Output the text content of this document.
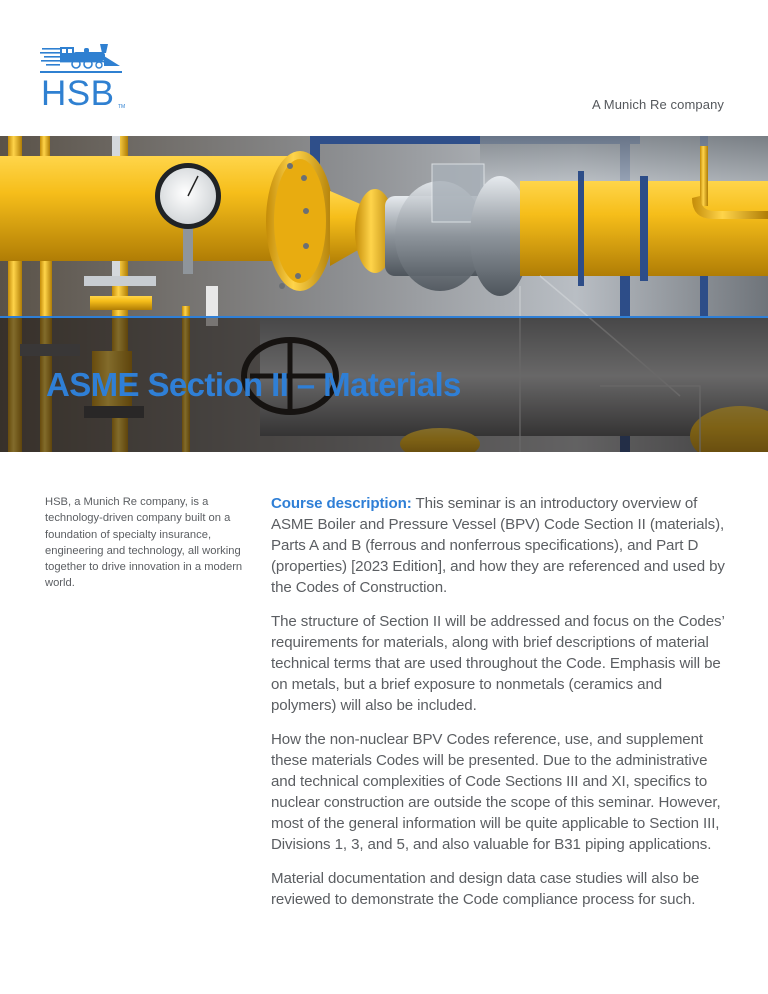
HSB TM	A Munich Re company
ASME Section II – Materials
HSB, a Munich Re company, is a technology-driven company built on a foundation of specialty insurance, engineering and technology, all working together to drive innovation in a modern world.

Course description: This seminar is an introductory overview of ASME Boiler and Pressure Vessel (BPV) Code Section II (materials), Parts A and B (ferrous and nonferrous specifications), and Part D (properties) [2023 Edition], and how they are referenced and used by the Codes of Construction.

The structure of Section II will be addressed and focus on the Codes’ requirements for materials, along with brief descriptions of material technical terms that are used throughout the Code. Emphasis will be on metals, but a brief exposure to nonmetals (ceramics and polymers) will also be included.

How the non-nuclear BPV Codes reference, use, and supplement these materials Codes will be presented. Due to the administrative and technical complexities of Code Sections III and XI, specifics to nuclear construction are outside the scope of this seminar. However, most of the general information will be quite applicable to Section III, Divisions 1, 3, and 5, and also valuable for B31 piping applications.

Material documentation and design data case studies will also be reviewed to demonstrate the Code compliance process for such.
